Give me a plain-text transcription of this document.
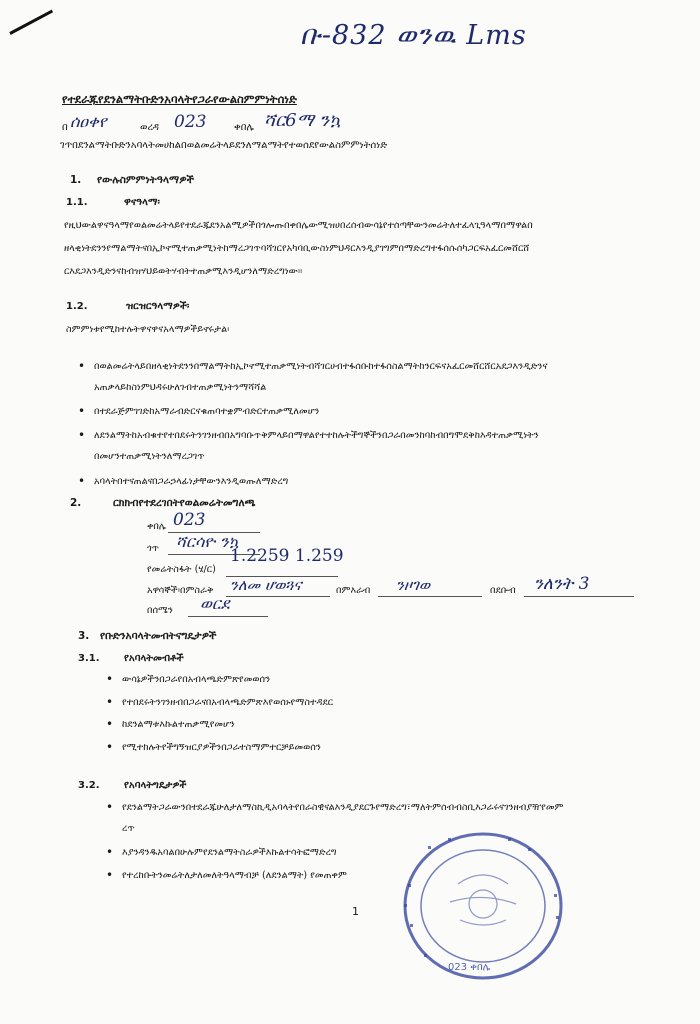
ቡ-832 ወንዉ Lms
የተደራጁየደንልማትቡድንአባላትየጋራየውልስምምነትሰነድ
በ ሰዐቀየ	ወረዳ 023	ቀበሌ ሻር6ማ ንኳ
ገጥበደንልማትቡድንአባላትመሀከልበወልመሬትላይደንለማልማትየተወሰደየውልስምምነትሰነድ
1. የውሉስምምነትዓላማዎች
1.1.	ዋናዓላማ፡
የዚህውልዋናዓላማየወልመሬትላይየተደራጁደንአልሚዎችበጎሎጡበቀበሌውሚዝሀበረሰብውሳኔየተሰጣቸውንመሬትለተፈላጊዓላማበማዋልበ
ዘላቂነትደንንየማልማትናበኢኮኖሚተጠቃሚነትከማረጋገጥባሻገርየአካባቢውስነምህዳርእንዲያገግምበማድረግተፋሰሱሰካጋርፍአፈርመሸርሸ
ርእደጋእንዲድንናከብዝሃህይወትሃብትተጠቃሚእንዲሆንለማድረግነው።
1.2.	ዝርዝርዓላማዎች፡
ስምምነቱየሚከተሉትዋናዋናአላማዎችይኖሩታል፡
• በወልመሬትላይበዘላቂነትደንንበማልማትከኢኮኖሚተጠቃሚነትብሻገርሀብተፋሰቡከተፋሰስልማትከንርፍናአፈርመሸርሸርአደጋእንዲድንና
አጠቃላይከስነምህዳሩሁለገብተጠቃሚነትንማሻሻል
• በተደራጅምገገድከአማራብድርናቁጠባተቋምብድርተጠቃሚለመሆን
• ለደንልማትከአብቁተየተበደሩትንገንዘብበአግባቡጥቅምላይበማዋልየተተከሉትችግኞችንበጋራበመንከባከብበግሞደቅከእዳተጠቃሚነትን
በመሆንተጠቃሚነትንለማረጋገጥ
• አባላትበተናጠልናበጋራኃላፊነታቸውንእንዲወጡለማድረግ
2.	ርክክብየተደረገበትየወልመሬትመግለጫ
ቀበሌ 023
ጎጥ ሻርሳዮ ንኳ
የመሬትስፋት (ሄ/ር)
1.2259 1.259
አዋሳኞች፡በምስራቅ ንለመ ሆወጓና	በምእራብ ንዞገወ	በደቡብ ንለንት 3
በሰሜን ወርደ
3. የቡድንአባላትመብትናግዴታዎች
3.1. የአባላትመብቶች
• ውሳኔዎችንበጋራየበአብላጫድምጽየመወሰን
• የተበደሩትንገንዘብበጋራናበአብላጫድምጽእየወሰኑየማስተዳደር
• ከደንልማቱእኩልተጠቃሚየመሆን
• የሚተከሉትየችግኝዝርያዎችንበጋራተስማምተርቻይመወሰን
3.2. የአባላትግዴታዎች
• የደንልማትጋራውንበተደራጁሁለታለማስኪዲአባላትየበራስዊናልእንዲያደርጉየማድረግ፣ማለትምሰብብስቢእጋራሩናገንዘብያዥየመም
ረጥ
• እያንዳንዱአባልበሁሉምየደንልማትስራዎችእኩልተሳትፎማድረግ
• የተረከቡትንመሬትለታለመለትዓላማብቻ (ለደንልማት) የመጠቀም
023 ቀበሌ
1
